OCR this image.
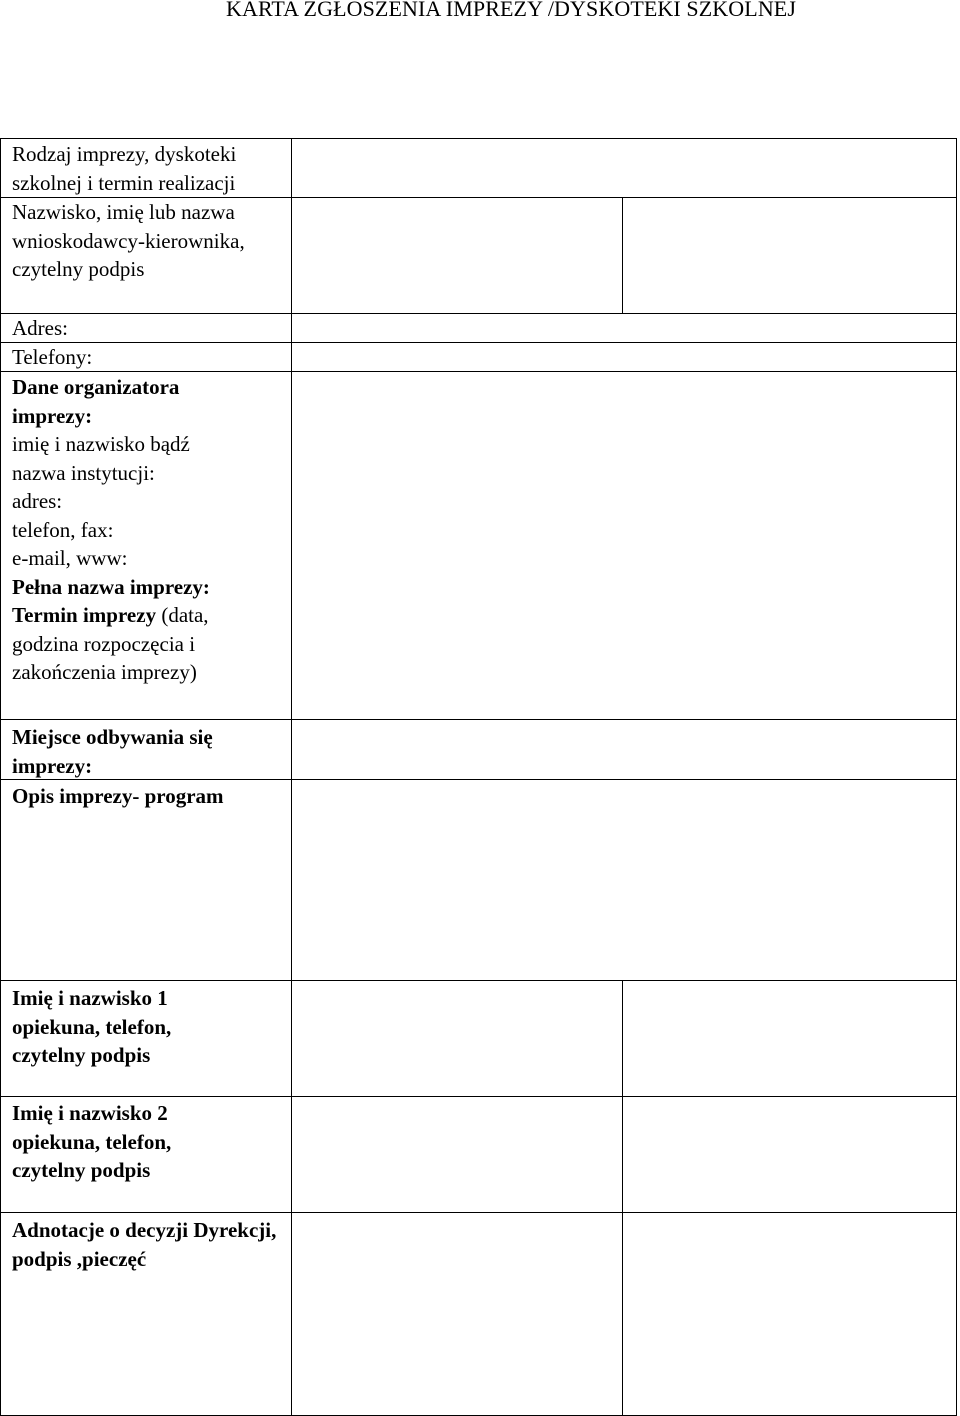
KARTA ZGŁOSZENIA IMPREZY /DYSKOTEKI SZKOLNEJ
Rodzaj imprezy, dyskoteki szkolnej i termin realizacji
Nazwisko, imię lub nazwa wnioskodawcy-kierownika, czytelny podpis
Adres:
Telefony:
Dane organizatora imprezy:
imię i nazwisko bądź nazwa instytucji:
adres:
telefon, fax:
e-mail, www:
Pełna nazwa imprezy:
Termin imprezy (data, godzina rozpoczęcia i zakończenia imprezy)
Miejsce odbywania się imprezy:
Opis imprezy- program
Imię i nazwisko 1 opiekuna, telefon, czytelny podpis
Imię i nazwisko 2 opiekuna, telefon, czytelny podpis
Adnotacje o decyzji Dyrekcji, podpis ,pieczęć
